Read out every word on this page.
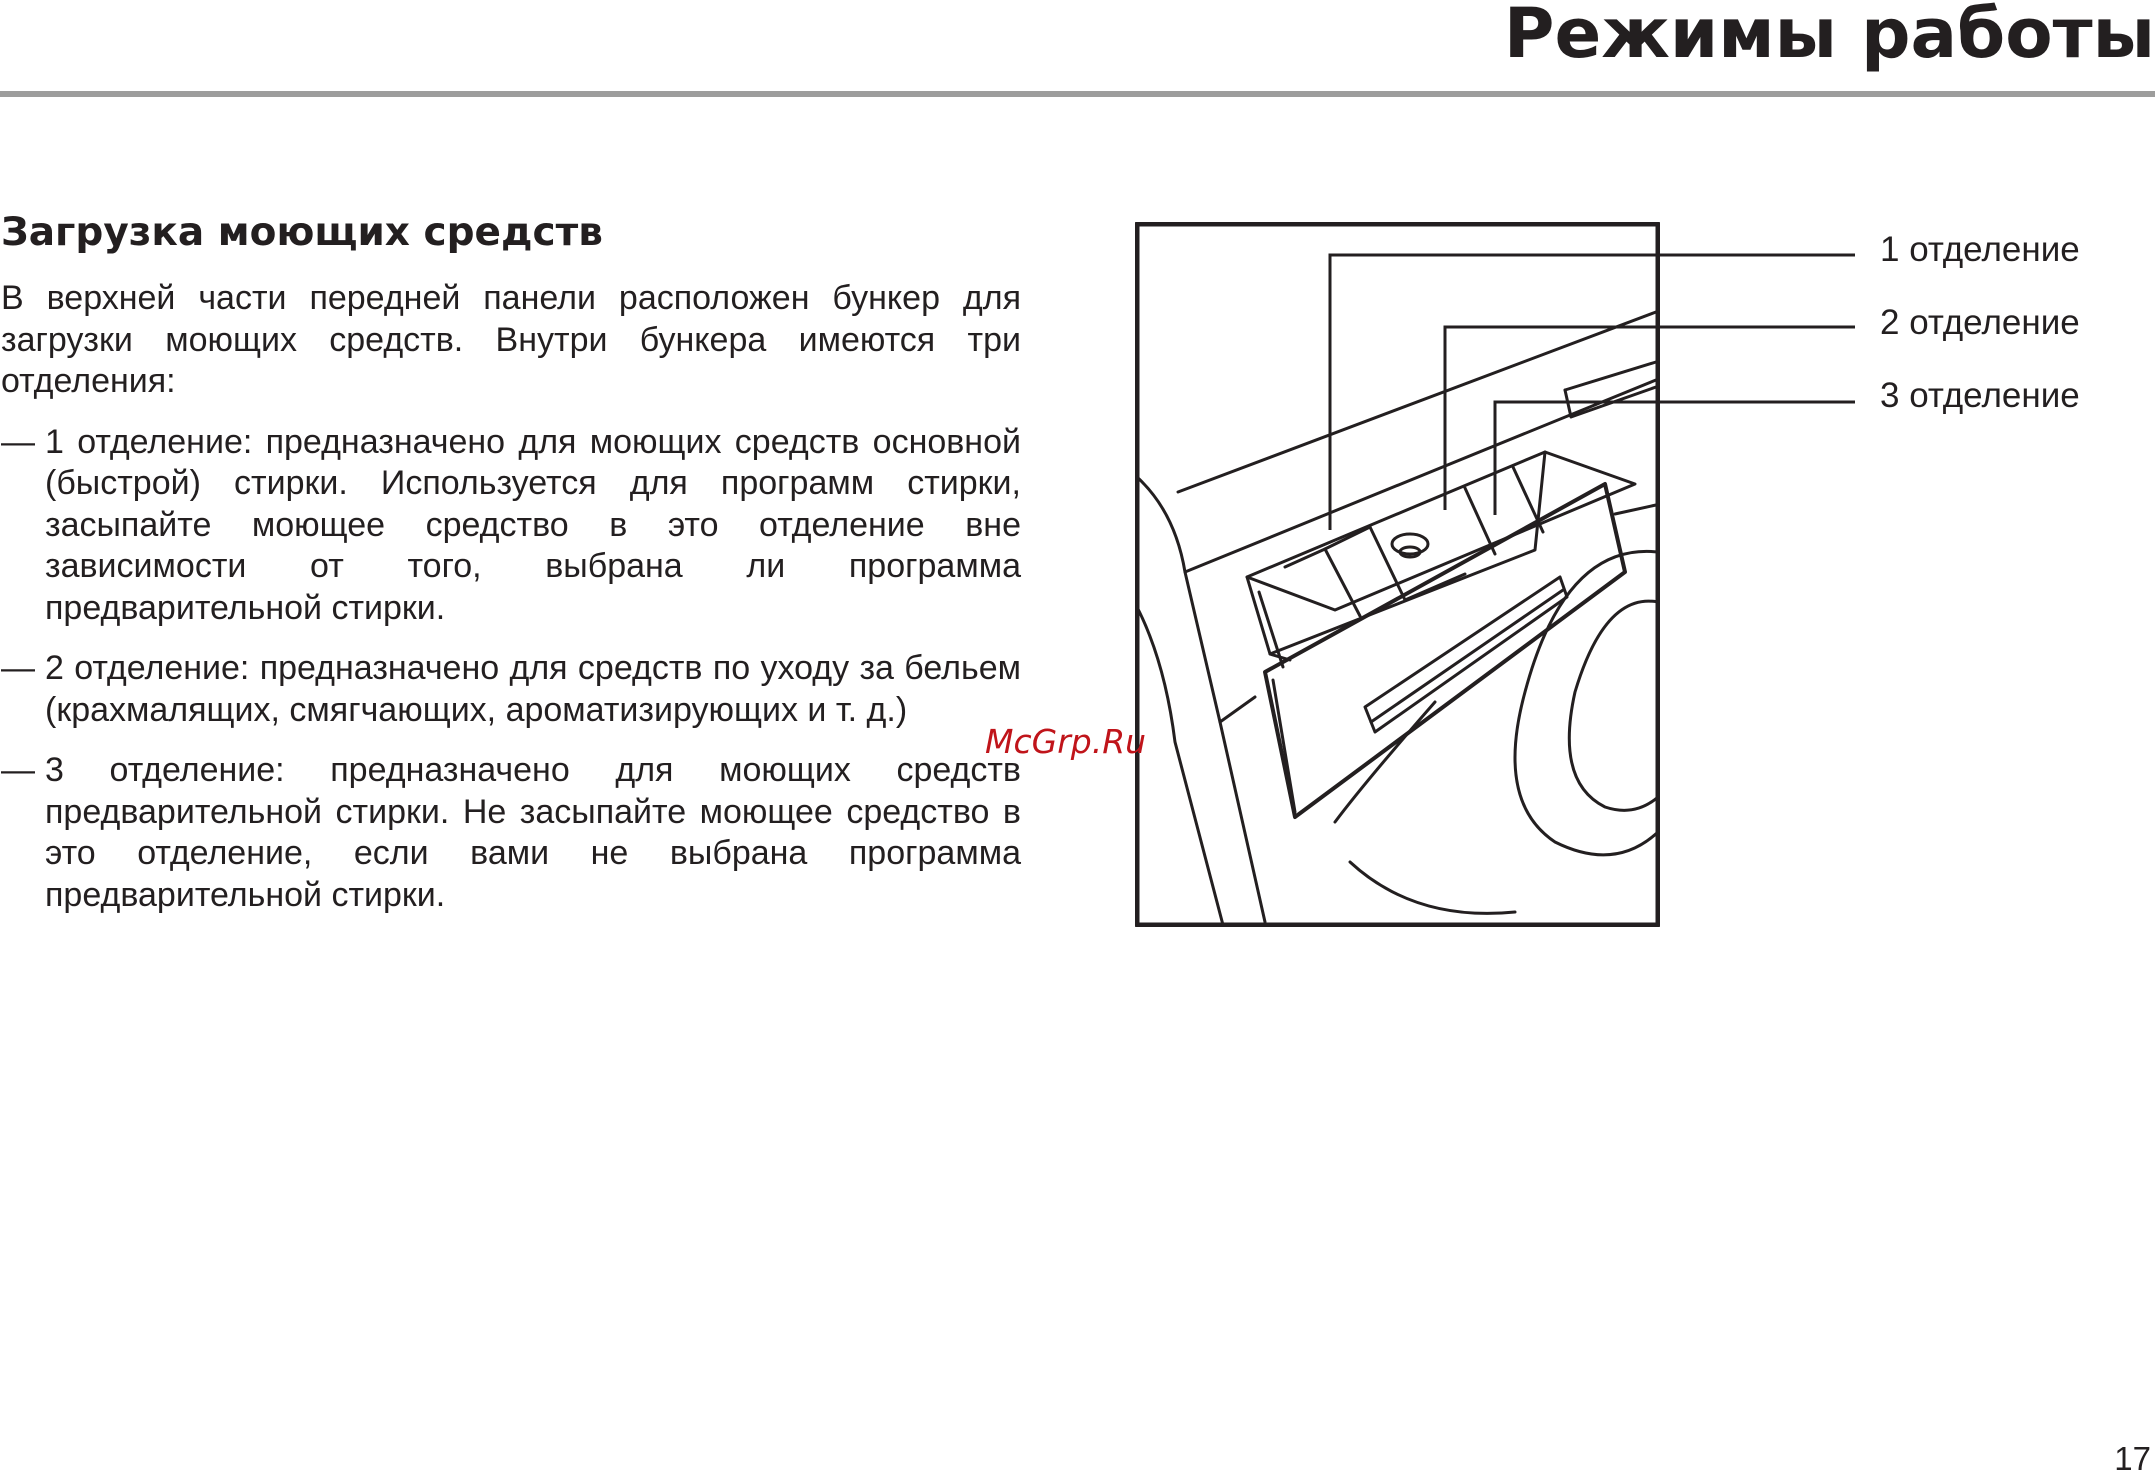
Режимы работы
Загрузка моющих средств

В верхней части передней панели расположен бункер для загрузки моющих средств. Внутри бункера имеются три отделения:

— 1 отделение: предназначено для моющих средств основной (быстрой) стирки. Используется для программ стирки, засыпайте моющее средство в это отделение вне зависимости от того, выбрана ли программа предварительной стирки.
— 2 отделение: предназначено для средств по уходу за бельем (крахмалящих, смягчающих, ароматизирующих и т. д.)
— 3 отделение: предназначено для моющих средств предварительной стирки. Не засыпайте моющее средство в это отделение, если вами не выбрана программа предварительной стирки.
1 отделение
2 отделение
3 отделение
McGrp.Ru
17
